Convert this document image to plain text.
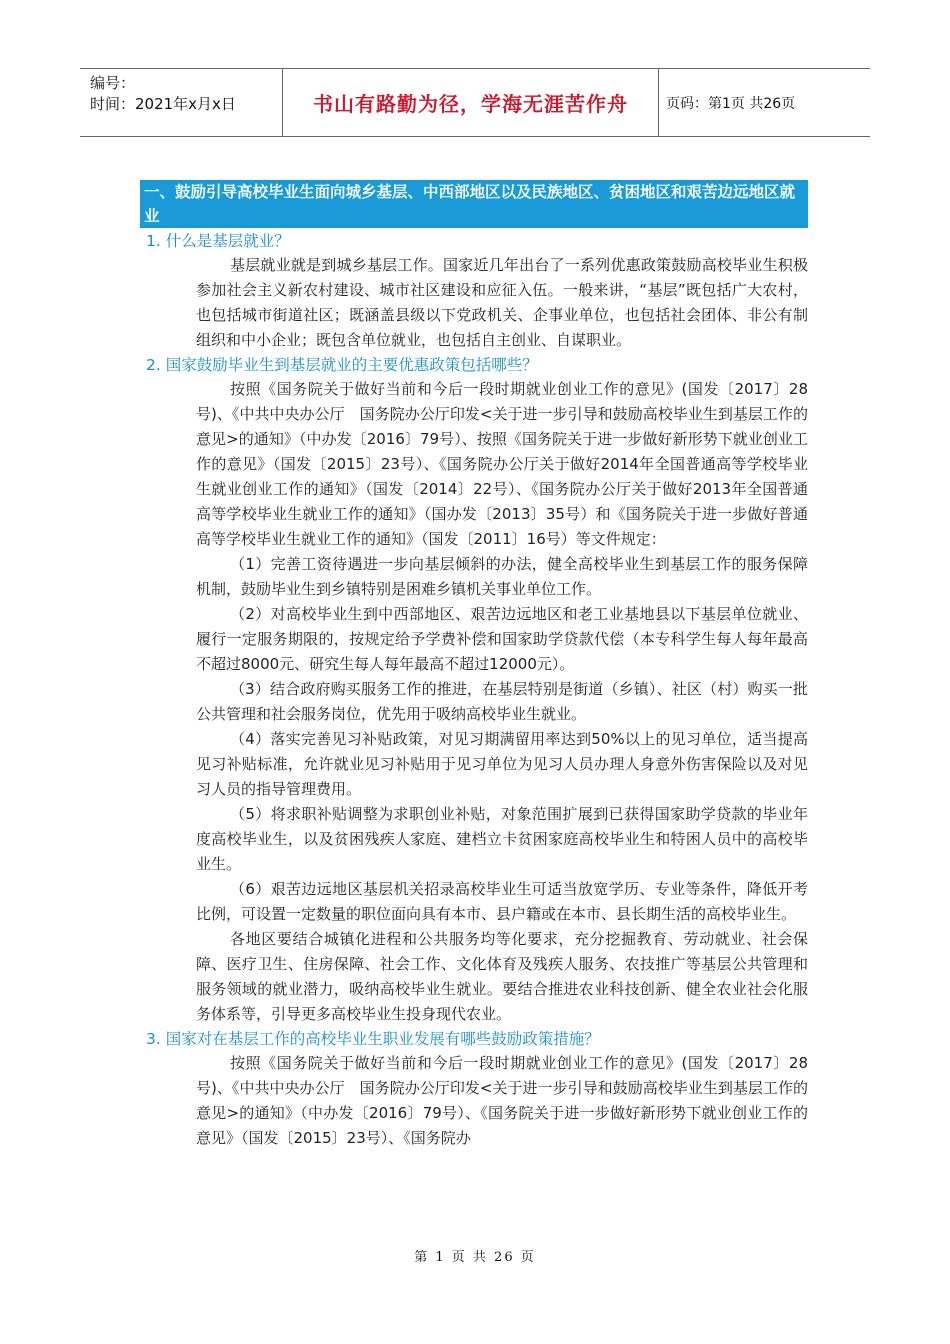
编号：
时间：2021年x月x日	书山有路勤为径，学海无涯苦作舟	页码：第1页 共26页
一、鼓励引导高校毕业生面向城乡基层、中西部地区以及民族地区、贫困地区和艰苦边远地区就业

1. 什么是基层就业？

基层就业就是到城乡基层工作。国家近几年出台了一系列优惠政策鼓励高校毕业生积极参加社会主义新农村建设、城市社区建设和应征入伍。一般来讲，“基层”既包括广大农村，也包括城市街道社区；既涵盖县级以下党政机关、企事业单位，也包括社会团体、非公有制组织和中小企业；既包含单位就业，也包括自主创业、自谋职业。

2. 国家鼓励毕业生到基层就业的主要优惠政策包括哪些？

按照《国务院关于做好当前和今后一段时期就业创业工作的意见》(国发〔2017〕28号)、《中共中央办公厅　国务院办公厅印发<关于进一步引导和鼓励高校毕业生到基层工作的意见>的通知》（中办发〔2016〕79号）、按照《国务院关于进一步做好新形势下就业创业工作的意见》（国发〔2015〕23号）、《国务院办公厅关于做好2014年全国普通高等学校毕业生就业创业工作的通知》（国发〔2014〕22号）、《国务院办公厅关于做好2013年全国普通高等学校毕业生就业工作的通知》（国办发〔2013〕35号）和《国务院关于进一步做好普通高等学校毕业生就业工作的通知》（国发〔2011〕16号）等文件规定：

（1）完善工资待遇进一步向基层倾斜的办法，健全高校毕业生到基层工作的服务保障机制，鼓励毕业生到乡镇特别是困难乡镇机关事业单位工作。

（2）对高校毕业生到中西部地区、艰苦边远地区和老工业基地县以下基层单位就业、履行一定服务期限的，按规定给予学费补偿和国家助学贷款代偿（本专科学生每人每年最高不超过8000元、研究生每人每年最高不超过12000元）。

（3）结合政府购买服务工作的推进，在基层特别是街道（乡镇）、社区（村）购买一批公共管理和社会服务岗位，优先用于吸纳高校毕业生就业。

（4）落实完善见习补贴政策，对见习期满留用率达到50%以上的见习单位，适当提高见习补贴标准，允许就业见习补贴用于见习单位为见习人员办理人身意外伤害保险以及对见习人员的指导管理费用。

（5）将求职补贴调整为求职创业补贴，对象范围扩展到已获得国家助学贷款的毕业年度高校毕业生，以及贫困残疾人家庭、建档立卡贫困家庭高校毕业生和特困人员中的高校毕业生。

（6）艰苦边远地区基层机关招录高校毕业生可适当放宽学历、专业等条件，降低开考比例，可设置一定数量的职位面向具有本市、县户籍或在本市、县长期生活的高校毕业生。

各地区要结合城镇化进程和公共服务均等化要求，充分挖掘教育、劳动就业、社会保障、医疗卫生、住房保障、社会工作、文化体育及残疾人服务、农技推广等基层公共管理和服务领域的就业潜力，吸纳高校毕业生就业。要结合推进农业科技创新、健全农业社会化服务体系等，引导更多高校毕业生投身现代农业。

3. 国家对在基层工作的高校毕业生职业发展有哪些鼓励政策措施？

按照《国务院关于做好当前和今后一段时期就业创业工作的意见》(国发〔2017〕28号)、《中共中央办公厅　国务院办公厅印发<关于进一步引导和鼓励高校毕业生到基层工作的意见>的通知》（中办发〔2016〕79号）、《国务院关于进一步做好新形势下就业创业工作的意见》（国发〔2015〕23号）、《国务院办

第 1 页 共 26 页
